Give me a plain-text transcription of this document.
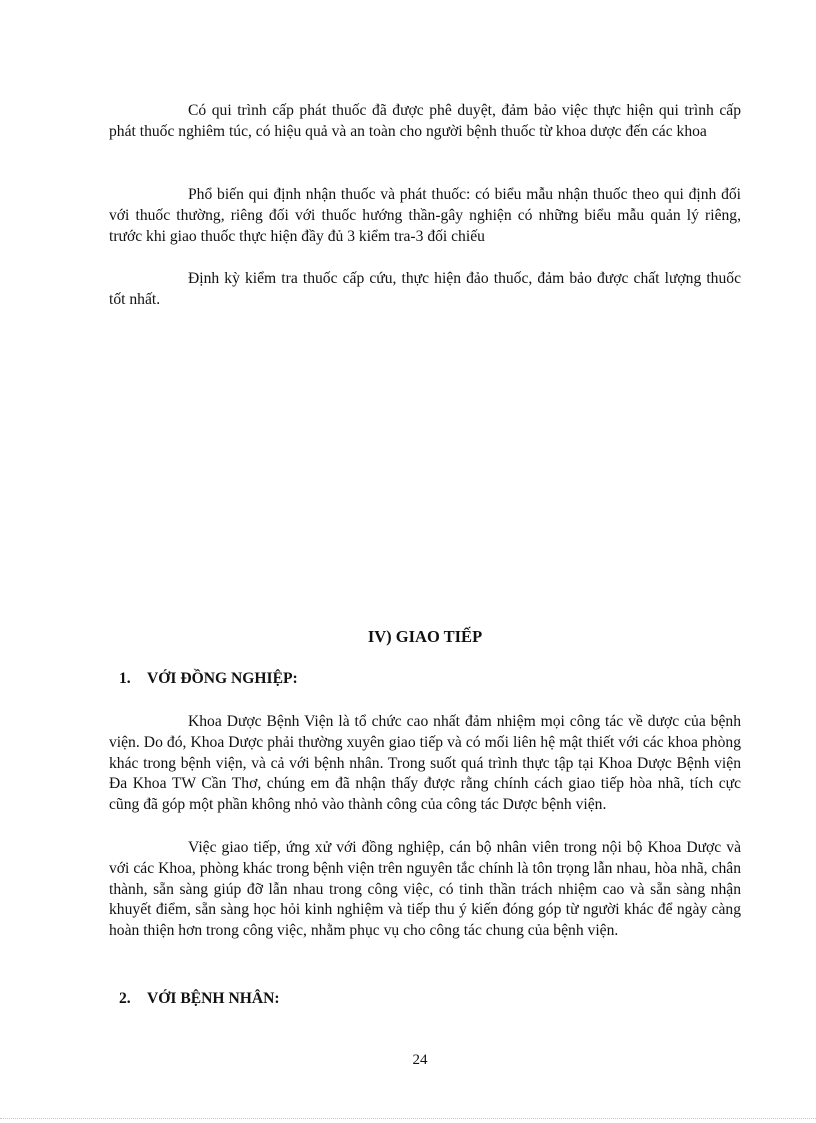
Có qui trình cấp phát thuốc đã được phê duyệt, đảm bảo việc thực hiện qui trình cấp phát thuốc nghiêm túc, có hiệu quả và an toàn cho người bệnh thuốc từ khoa dược đến các khoa

Phổ biến qui định nhận thuốc và phát thuốc: có biểu mẫu nhận thuốc theo qui định đối với thuốc thường, riêng đối với thuốc hướng thần-gây nghiện có những biểu mẫu quản lý riêng, trước khi giao thuốc thực hiện đầy đủ 3 kiểm tra-3 đối chiếu

Định kỳ kiểm tra thuốc cấp cứu, thực hiện đảo thuốc, đảm bảo được chất lượng thuốc tốt nhất.

IV) GIAO TIẾP
1. VỚI ĐỒNG NGHIỆP:

Khoa Dược Bệnh Viện là tổ chức cao nhất đảm nhiệm mọi công tác về dược của bệnh viện. Do đó, Khoa Dược phải thường xuyên giao tiếp và có mối liên hệ mật thiết với các khoa phòng khác trong bệnh viện, và cả với bệnh nhân. Trong suốt quá trình thực tập tại Khoa Dược Bệnh viện Đa Khoa TW Cần Thơ, chúng em đã nhận thấy được rằng chính cách giao tiếp hòa nhã, tích cực cũng đã góp một phần không nhỏ vào thành công của công tác Dược bệnh viện.

Việc giao tiếp, ứng xử với đồng nghiệp, cán bộ nhân viên trong nội bộ Khoa Dược và với các Khoa, phòng khác trong bệnh viện trên nguyên tắc chính là tôn trọng lẫn nhau, hòa nhã, chân thành, sẵn sàng giúp đỡ lẫn nhau trong công việc, có tinh thần trách nhiệm cao và sẵn sàng nhận khuyết điểm, sẵn sàng học hỏi kinh nghiệm và tiếp thu ý kiến đóng góp từ người khác để ngày càng hoàn thiện hơn trong công việc, nhằm phục vụ cho công tác chung của bệnh viện.

2. VỚI BỆNH NHÂN:
24
